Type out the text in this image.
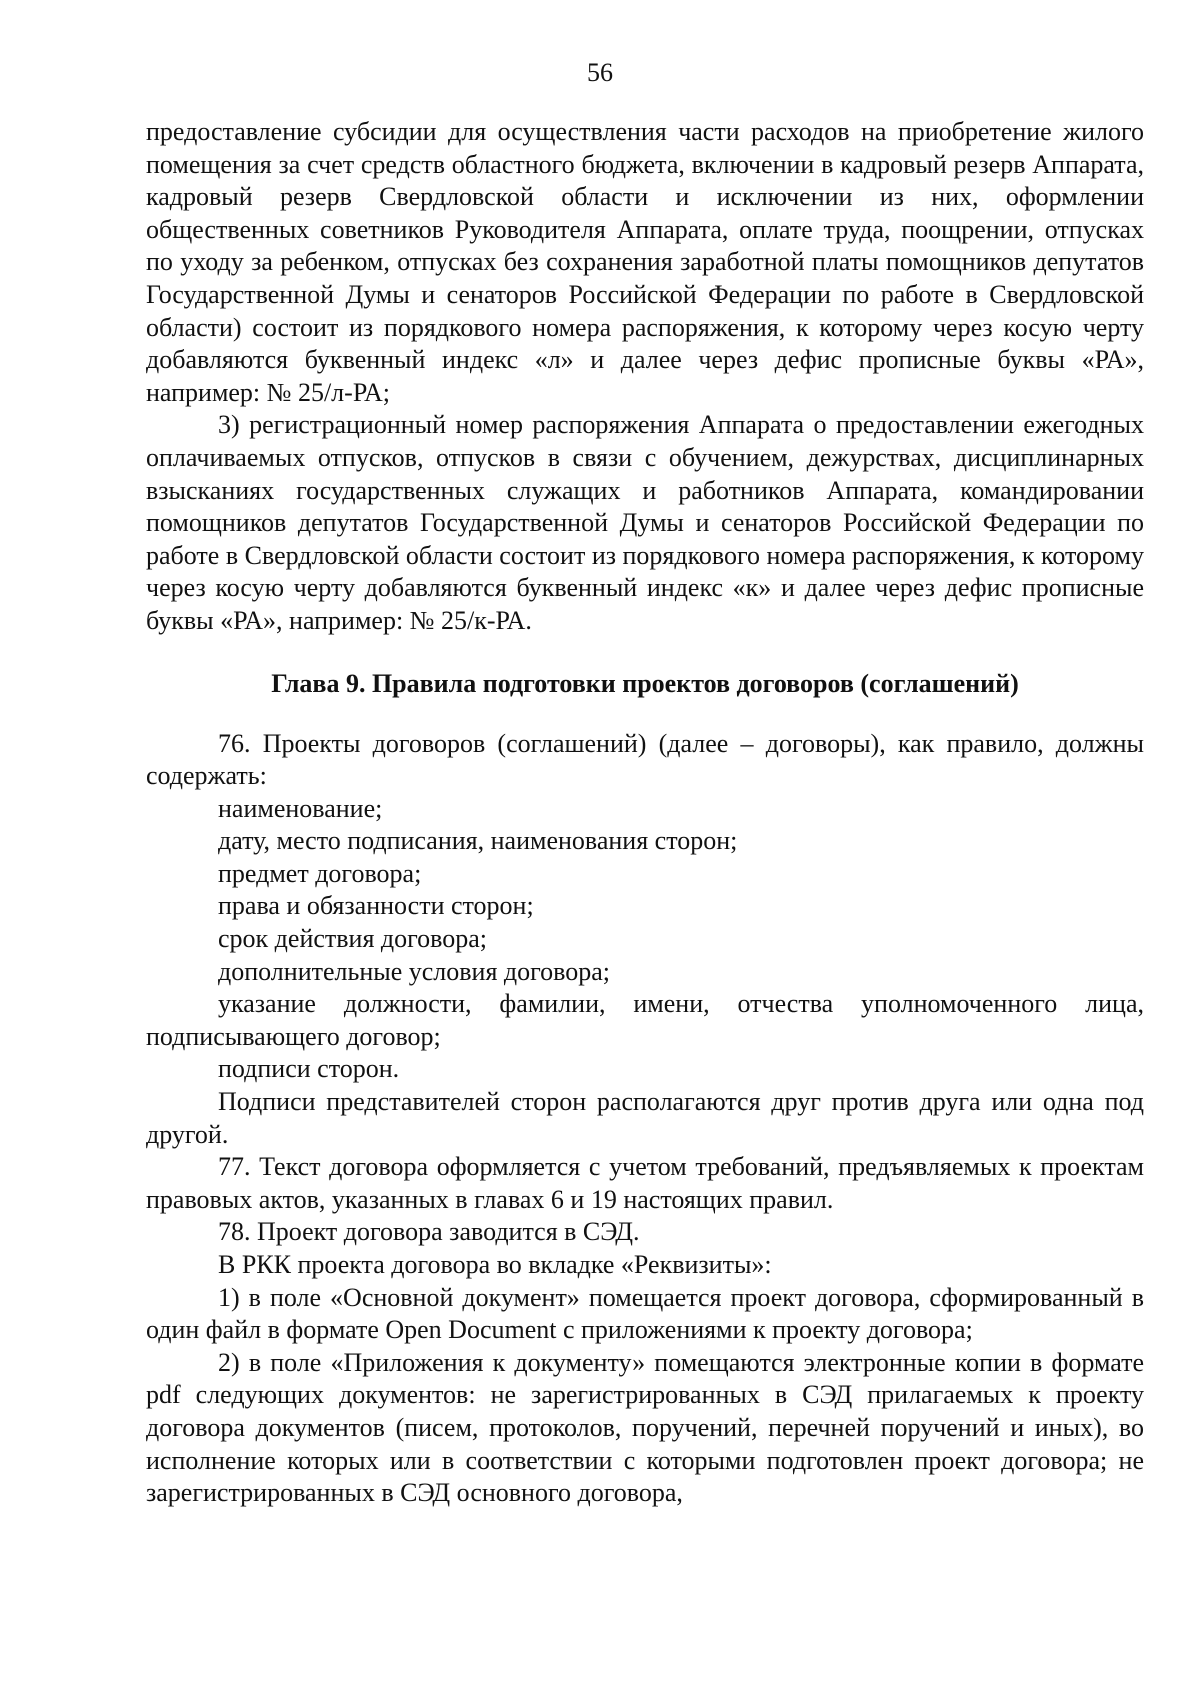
56

предоставление субсидии для осуществления части расходов на приобретение жилого помещения за счет средств областного бюджета, включении в кадровый резерв Аппарата, кадровый резерв Свердловской области и исключении из них, оформлении общественных советников Руководителя Аппарата, оплате труда, поощрении, отпусках по уходу за ребенком, отпусках без сохранения заработной платы помощников депутатов Государственной Думы и сенаторов Российской Федерации по работе в Свердловской области) состоит из порядкового номера распоряжения, к которому через косую черту добавляются буквенный индекс «л» и далее через дефис прописные буквы «РА», например: № 25/л-РА;

3) регистрационный номер распоряжения Аппарата о предоставлении ежегодных оплачиваемых отпусков, отпусков в связи с обучением, дежурствах, дисциплинарных взысканиях государственных служащих и работников Аппарата, командировании помощников депутатов Государственной Думы и сенаторов Российской Федерации по работе в Свердловской области состоит из порядкового номера распоряжения, к которому через косую черту добавляются буквенный индекс «к» и далее через дефис прописные буквы «РА», например: № 25/к-РА.

Глава 9. Правила подготовки проектов договоров (соглашений)

76. Проекты договоров (соглашений) (далее – договоры), как правило, должны содержать:

наименование;

дату, место подписания, наименования сторон;

предмет договора;

права и обязанности сторон;

срок действия договора;

дополнительные условия договора;

указание должности, фамилии, имени, отчества уполномоченного лица, подписывающего договор;

подписи сторон.

Подписи представителей сторон располагаются друг против друга или одна под другой.

77. Текст договора оформляется с учетом требований, предъявляемых к проектам правовых актов, указанных в главах 6 и 19 настоящих правил.

78. Проект договора заводится в СЭД.

В РКК проекта договора во вкладке «Реквизиты»:

1) в поле «Основной документ» помещается проект договора, сформированный в один файл в формате Open Document с приложениями к проекту договора;

2) в поле «Приложения к документу» помещаются электронные копии в формате pdf следующих документов: не зарегистрированных в СЭД прилагаемых к проекту договора документов (писем, протоколов, поручений, перечней поручений и иных), во исполнение которых или в соответствии с которыми подготовлен проект договора; не зарегистрированных в СЭД основного договора,
